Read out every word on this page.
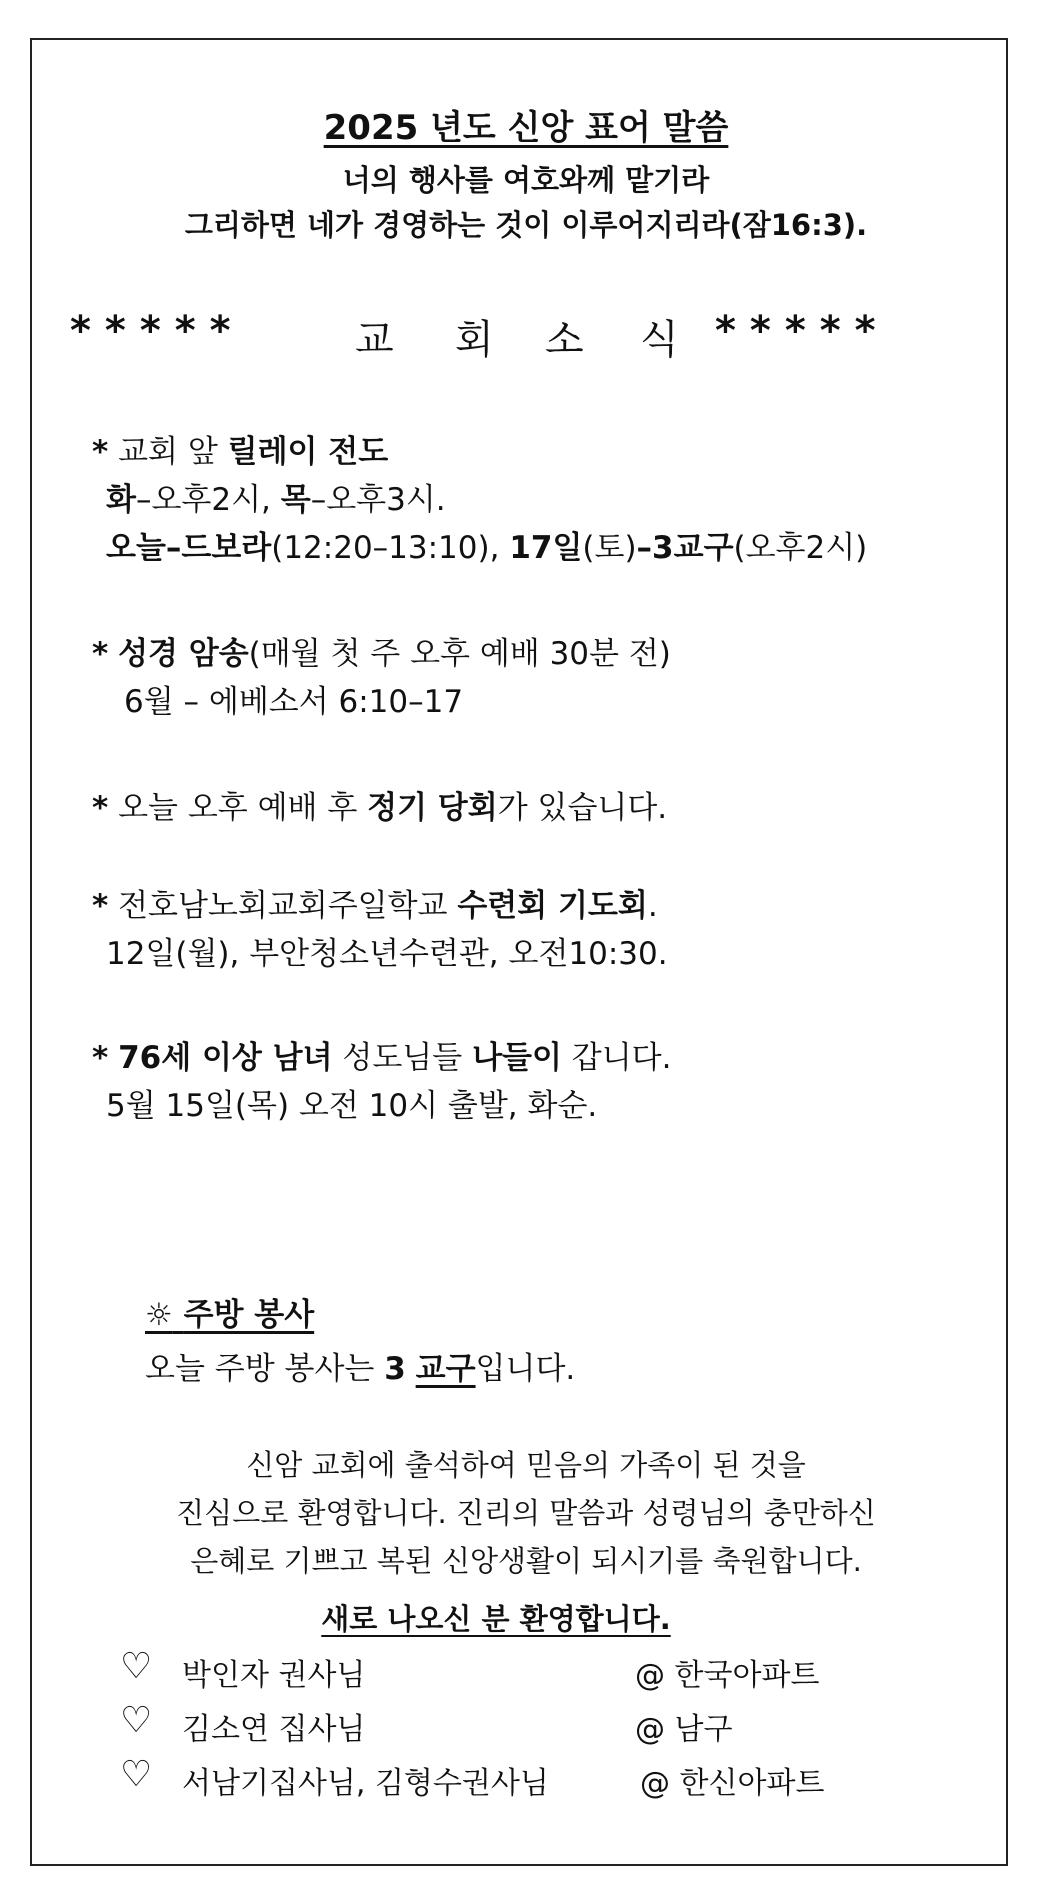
2025 년도 신앙 표어 말씀
너의 행사를 여호와께 맡기라
그리하면 네가 경영하는 것이 이루어지리라(잠16:3).
*****	교 회 소 식 *****
* 교회 앞 릴레이 전도
화–오후2시, 목–오후3시.
오늘–드보라(12:20–13:10), 17일(토)–3교구(오후2시)
* 성경 암송(매월 첫 주 오후 예배 30분 전)
6월 – 에베소서 6:10–17
* 오늘 오후 예배 후 정기 당회가 있습니다.
* 전호남노회교회주일학교 수련회 기도회.
12일(월), 부안청소년수련관, 오전10:30.
* 76세 이상 남녀 성도님들 나들이 갑니다.
5월 15일(목) 오전 10시 출발, 화순.
☼ 주방 봉사
오늘 주방 봉사는 3 교구입니다.
신암 교회에 출석하여 믿음의 가족이 된 것을
진심으로 환영합니다. 진리의 말씀과 성령님의 충만하신
은혜로 기쁘고 복된 신앙생활이 되시기를 축원합니다.
새로 나오신 분 환영합니다.
♡ 박인자 권사님	@ 한국아파트
♡ 김소연 집사님	@ 남구
♡ 서남기집사님, 김형수권사님	@ 한신아파트
